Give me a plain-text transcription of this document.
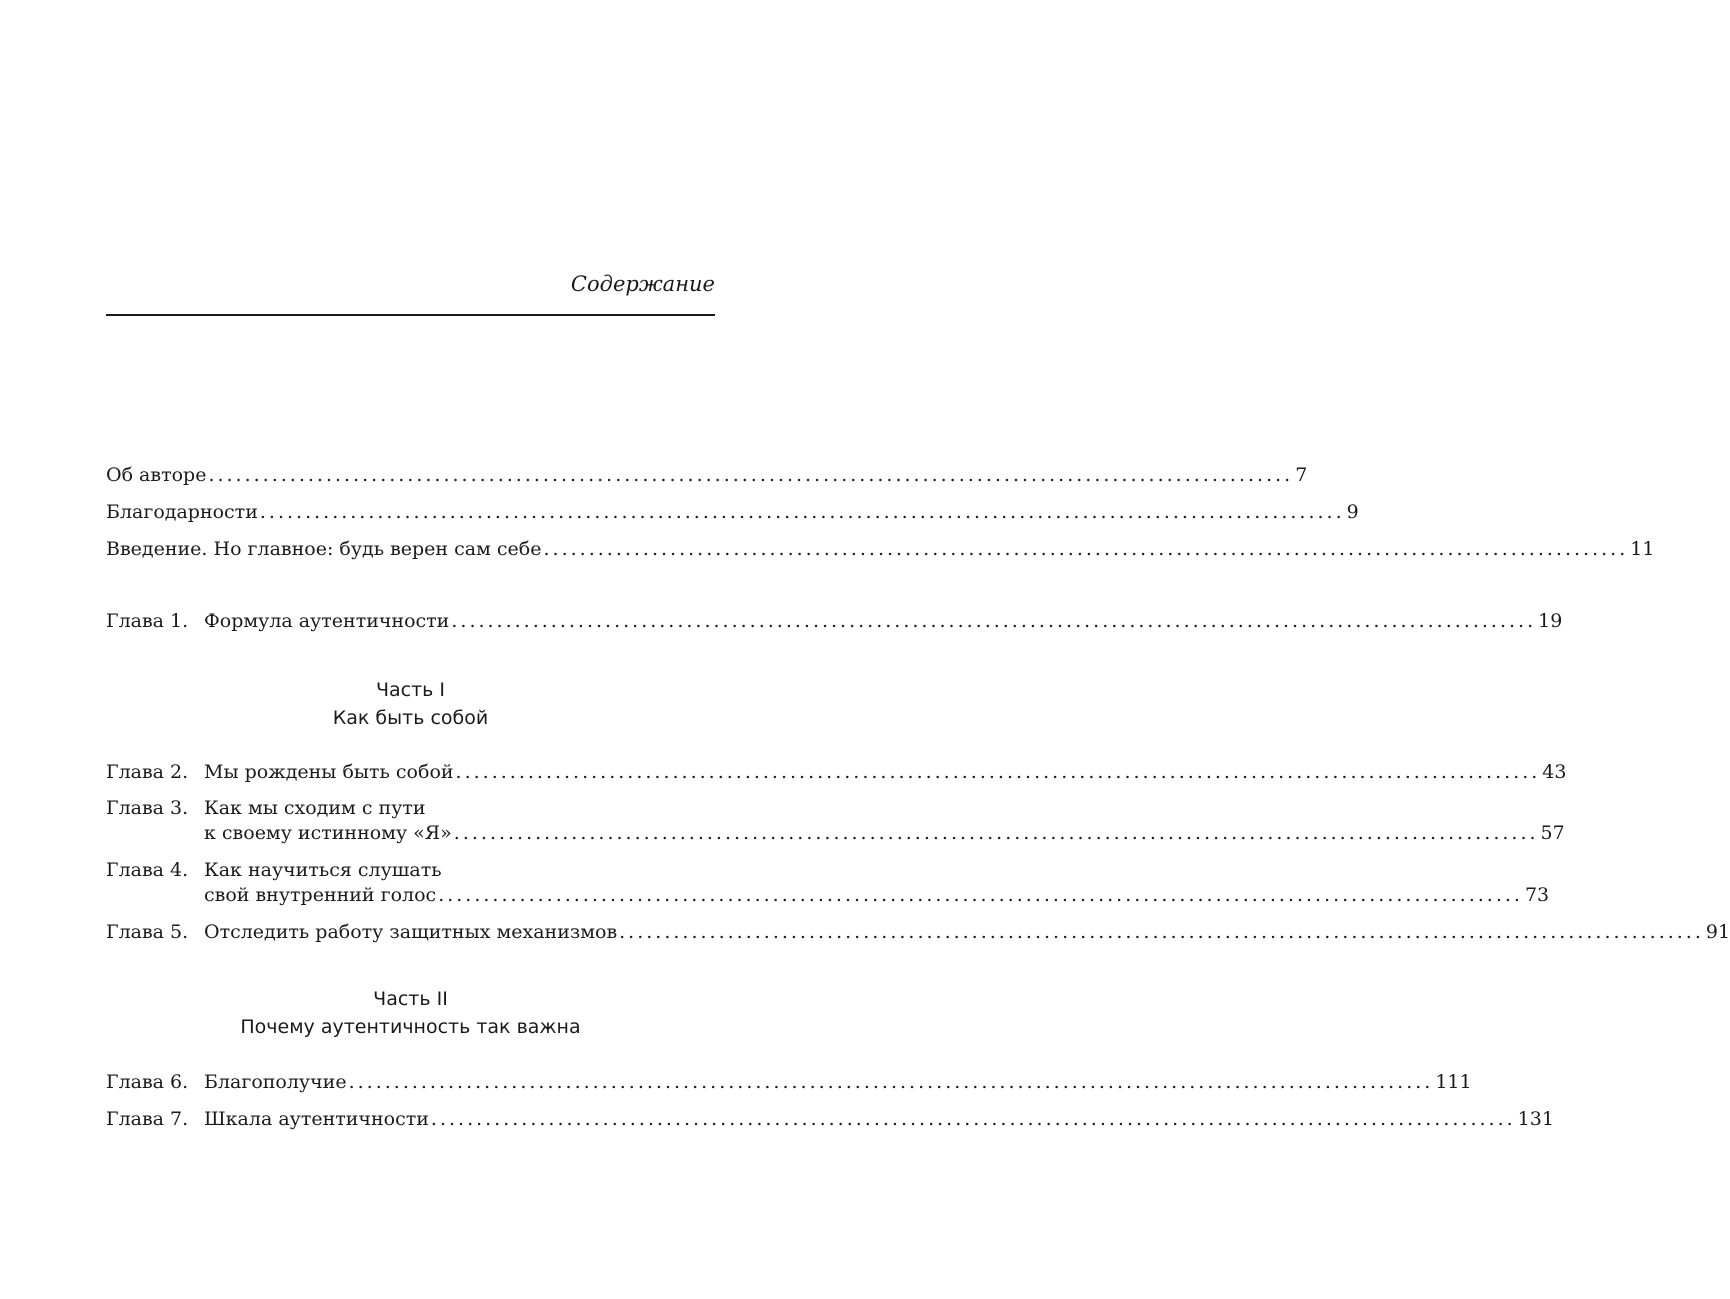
Содержание
Об авторе ........................................................................................................................ 7
Благодарности ........................................................................................................................ 9
Введение. Но главное: будь верен сам себе ........................................................................................................................ 11
Глава 1. Формула аутентичности ........................................................................................................................ 19
Часть I
Как быть собой
Глава 2. Мы рождены быть собой ........................................................................................................................ 43
Глава 3. Как мы сходим с пути
к своему истинному «Я» ........................................................................................................................ 57
Глава 4. Как научиться слушать
свой внутренний голос ........................................................................................................................ 73
Глава 5. Отследить работу защитных механизмов ........................................................................................................................ 91
Часть II
Почему аутентичность так важна
Глава 6. Благополучие ........................................................................................................................ 111
Глава 7. Шкала аутентичности ........................................................................................................................ 131
